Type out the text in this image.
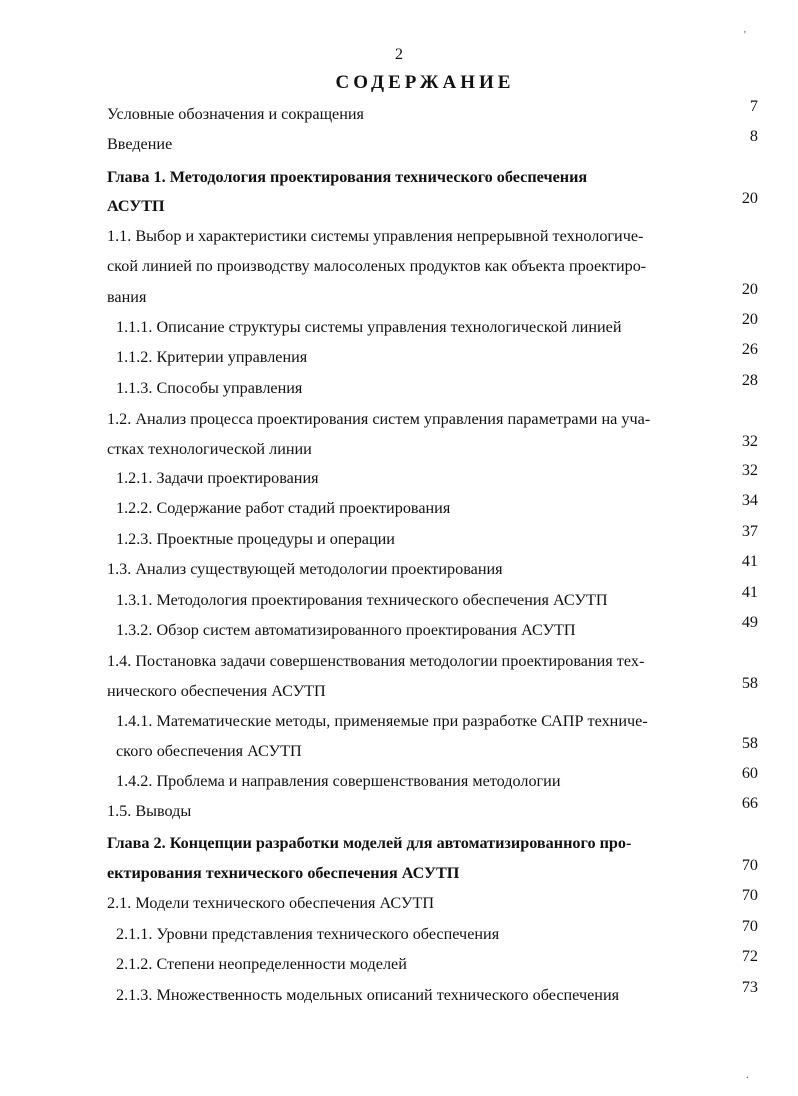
2
СОДЕРЖАНИЕ
Условные обозначения и сокращения	7
Введение	8
Глава 1. Методология проектирования технического обеспечения
АСУТП	20
1.1. Выбор и характеристики системы управления непрерывной технологиче-
ской линией по производству малосоленых продуктов как объекта проектиро-
вания	20
1.1.1. Описание структуры системы управления технологической линией	20
1.1.2. Критерии управления	26
1.1.3. Способы управления	28
1.2. Анализ процесса проектирования систем управления параметрами на уча-
стках технологической линии	32
1.2.1. Задачи проектирования	32
1.2.2. Содержание работ стадий проектирования	34
1.2.3. Проектные процедуры и операции	37
1.3. Анализ существующей методологии проектирования	41
1.3.1. Методология проектирования технического обеспечения АСУТП	41
1.3.2. Обзор систем автоматизированного проектирования АСУТП	49
1.4. Постановка задачи совершенствования методологии проектирования тех-
нического обеспечения АСУТП	58
1.4.1. Математические методы, применяемые при разработке САПР техниче-
ского обеспечения АСУТП	58
1.4.2. Проблема и направления совершенствования методологии	60
1.5. Выводы	66
Глава 2. Концепции разработки моделей для автоматизированного про-
ектирования технического обеспечения АСУТП	70
2.1. Модели технического обеспечения АСУТП	70
2.1.1. Уровни представления технического обеспечения	70
2.1.2. Степени неопределенности моделей	72
2.1.3. Множественность модельных описаний технического обеспечения	73
'
.
